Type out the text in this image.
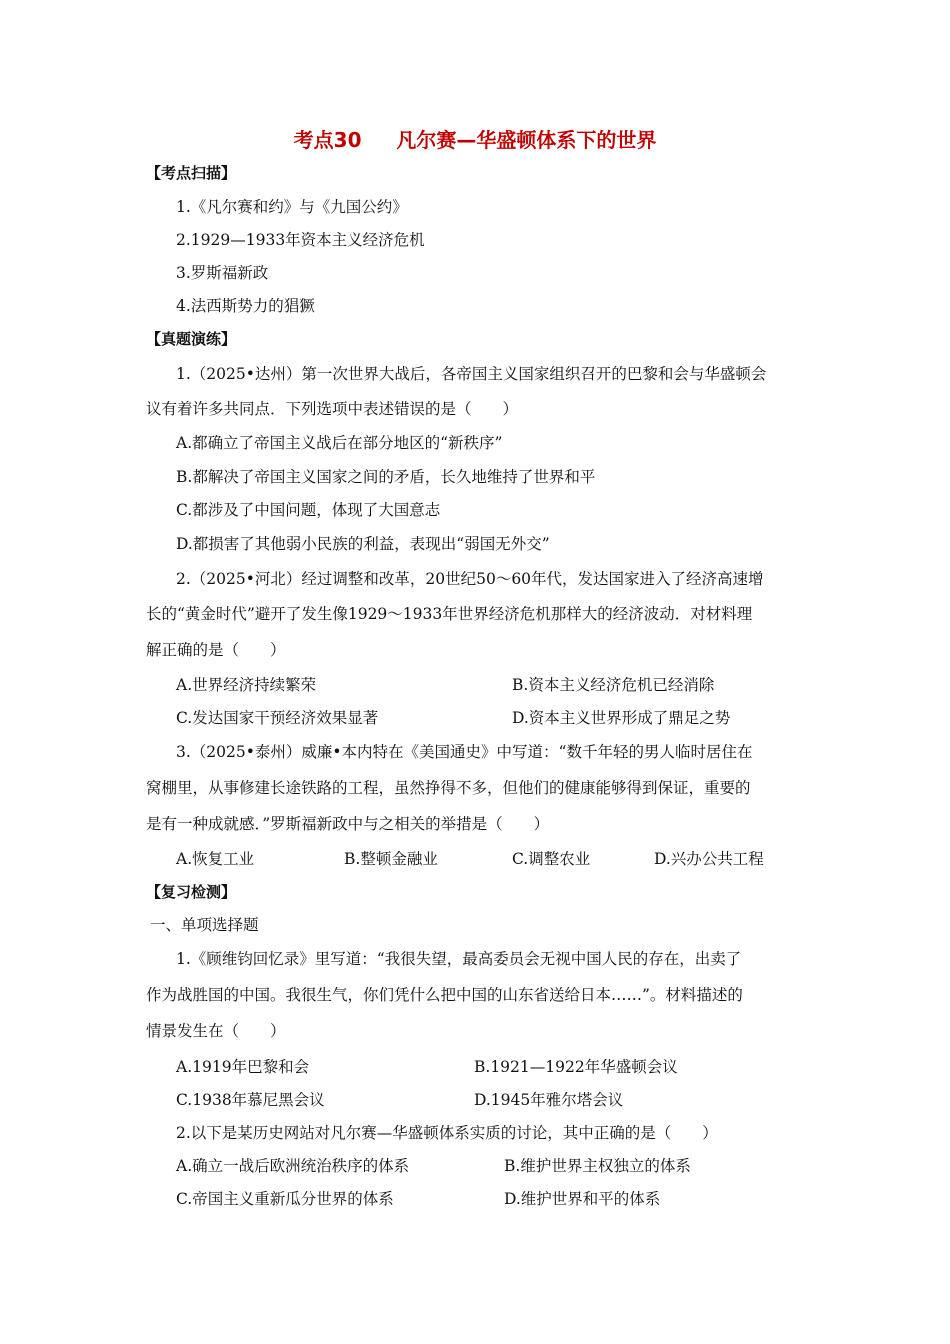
考点30     凡尔赛—华盛顿体系下的世界
【考点扫描】
1.《凡尔赛和约》与《九国公约》
2.1929—1933年资本主义经济危机
3.罗斯福新政
4.法西斯势力的猖獗
【真题演练】
1.（2025•达州）第一次世界大战后，各帝国主义国家组织召开的巴黎和会与华盛顿会
议有着许多共同点．下列选项中表述错误的是（　　）
A.都确立了帝国主义战后在部分地区的“新秩序”
B.都解决了帝国主义国家之间的矛盾，长久地维持了世界和平
C.都涉及了中国问题，体现了大国意志
D.都损害了其他弱小民族的利益，表现出“弱国无外交”
2.（2025•河北）经过调整和改革，20世纪50～60年代，发达国家进入了经济高速增
长的“黄金时代”避开了发生像1929～1933年世界经济危机那样大的经济波动．对材料理
解正确的是（　　）
A.世界经济持续繁荣	B.资本主义经济危机已经消除
C.发达国家干预经济效果显著	D.资本主义世界形成了鼎足之势
3.（2025•泰州）威廉•本内特在《美国通史》中写道：“数千年轻的男人临时居住在
窝棚里，从事修建长途铁路的工程，虽然挣得不多，但他们的健康能够得到保证，重要的
是有一种成就感．”罗斯福新政中与之相关的举措是（　　）
A.恢复工业	B.整顿金融业	C.调整农业	D.兴办公共工程
【复习检测】
一、单项选择题
1.《顾维钧回忆录》里写道：“我很失望，最高委员会无视中国人民的存在，出卖了
作为战胜国的中国。我很生气，你们凭什么把中国的山东省送给日本……”。材料描述的
情景发生在（　　）
A.1919年巴黎和会	B.1921—1922年华盛顿会议
C.1938年慕尼黑会议	D.1945年雅尔塔会议
2.以下是某历史网站对凡尔赛—华盛顿体系实质的讨论，其中正确的是（　　）
A.确立一战后欧洲统治秩序的体系	B.维护世界主权独立的体系
C.帝国主义重新瓜分世界的体系	D.维护世界和平的体系
